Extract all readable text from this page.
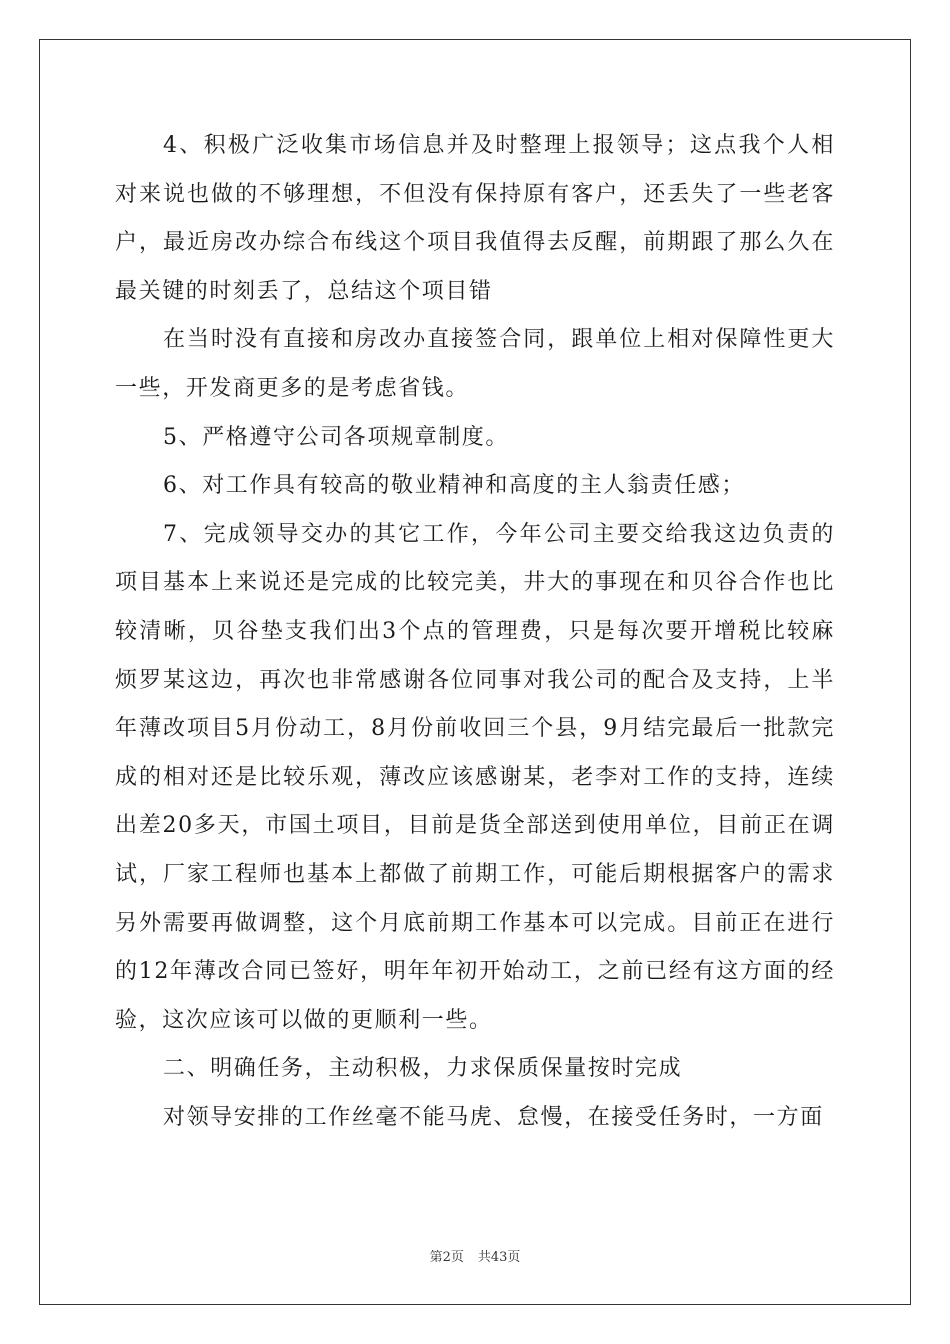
4、积极广泛收集市场信息并及时整理上报领导；这点我个人相对来说也做的不够理想，不但没有保持原有客户，还丢失了一些老客户，最近房改办综合布线这个项目我值得去反醒，前期跟了那么久在最关键的时刻丢了，总结这个项目错

在当时没有直接和房改办直接签合同，跟单位上相对保障性更大一些，开发商更多的是考虑省钱。

5、严格遵守公司各项规章制度。

6、对工作具有较高的敬业精神和高度的主人翁责任感；

7、完成领导交办的其它工作，今年公司主要交给我这边负责的项目基本上来说还是完成的比较完美，井大的事现在和贝谷合作也比较清晰，贝谷垫支我们出3个点的管理费，只是每次要开增税比较麻烦罗某这边，再次也非常感谢各位同事对我公司的配合及支持，上半年薄改项目5月份动工，8月份前收回三个县，9月结完最后一批款完成的相对还是比较乐观，薄改应该感谢某，老李对工作的支持，连续出差20多天，市国土项目，目前是货全部送到使用单位，目前正在调试，厂家工程师也基本上都做了前期工作，可能后期根据客户的需求另外需要再做调整，这个月底前期工作基本可以完成。目前正在进行的12年薄改合同已签好，明年年初开始动工，之前已经有这方面的经验，这次应该可以做的更顺利一些。

二、明确任务，主动积极，力求保质保量按时完成

对领导安排的工作丝毫不能马虎、怠慢，在接受任务时，一方面

第2页 共43页
